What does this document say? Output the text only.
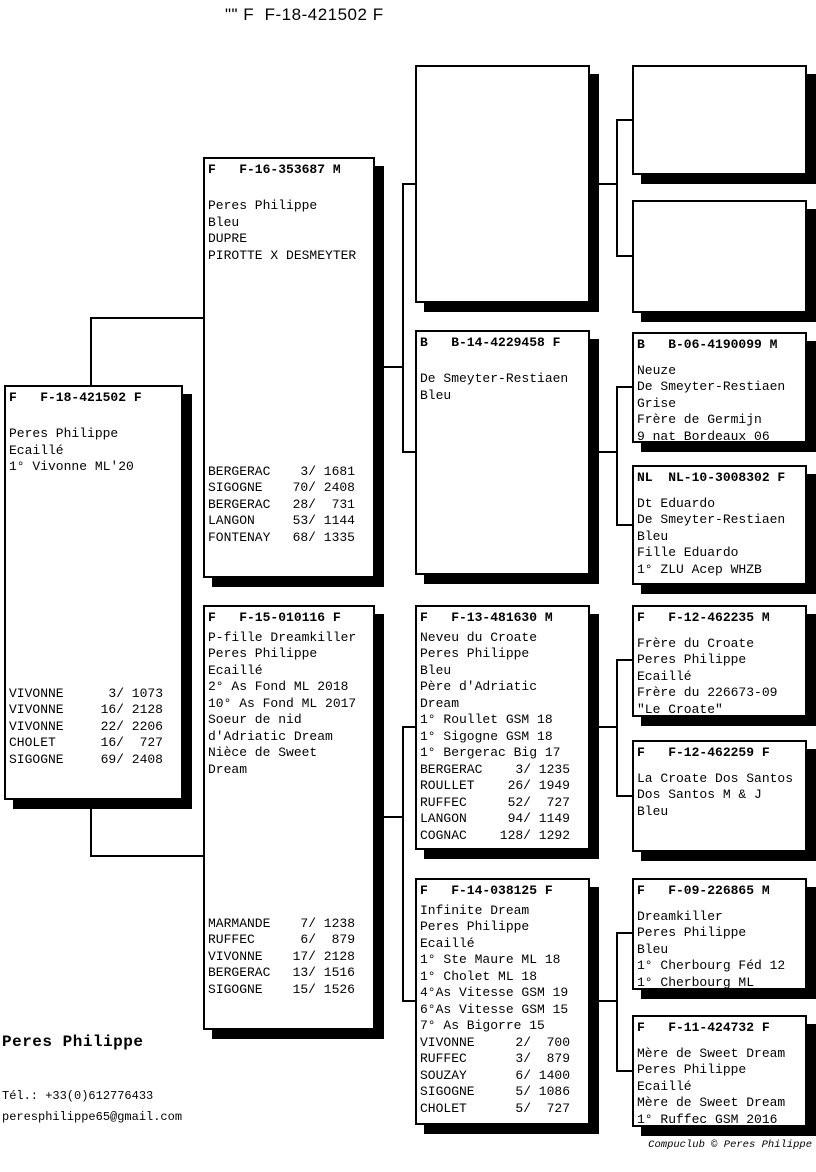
"" F  F-18-421502 F
F   F-18-421502 F
Peres Philippe
Ecaillé
1° Vivonne ML'20
VIVONNE	3/ 1073
VIVONNE	16/ 2128
VIVONNE	22/ 2206
CHOLET	16/  727
SIGOGNE	69/ 2408
F   F-16-353687 M
Peres Philippe
Bleu
DUPRE
PIROTTE X DESMEYTER
BERGERAC 3/ 1681
SIGOGNE 70/ 2408
BERGERAC 28/  731
LANGON	53/ 1144
FONTENAY 68/ 1335
F   F-15-010116 F
P-fille Dreamkiller
Peres Philippe
Ecaillé
2° As Fond ML 2018
10° As Fond ML 2017
Soeur de nid
d'Adriatic Dream
Nièce de Sweet
Dream
MARMANDE 7/ 1238
RUFFEC	6/  879
VIVONNE 17/ 2128
BERGERAC 13/ 1516
SIGOGNE 15/ 1526
B   B-14-4229458 F
De Smeyter-Restiaen
Bleu
F   F-13-481630 M
Neveu du Croate
Peres Philippe
Bleu
Père d'Adriatic
Dream
1° Roullet GSM 18
1° Sigogne GSM 18
1° Bergerac Big 17
BERGERAC	3/ 1235
ROULLET	26/ 1949
RUFFEC	52/  727
LANGON	94/ 1149
COGNAC	128/ 1292
F   F-14-038125 F
Infinite Dream
Peres Philippe
Ecaillé
1° Ste Maure ML 18
1° Cholet ML 18
4°As Vitesse GSM 19
6°As Vitesse GSM 15
7° As Bigorre 15
VIVONNE	2/  700
RUFFEC	3/  879
SOUZAY	6/ 1400
SIGOGNE	5/ 1086
CHOLET	5/  727
B   B-06-4190099 M
Neuze
De Smeyter-Restiaen
Grise
Frère de Germijn
9 nat Bordeaux 06
NL  NL-10-3008302 F
Dt Eduardo
De Smeyter-Restiaen
Bleu
Fille Eduardo
1° ZLU Acep WHZB
F   F-12-462235 M
Frère du Croate
Peres Philippe
Ecaillé
Frère du 226673-09
"Le Croate"
F   F-12-462259 F
La Croate Dos Santos
Dos Santos M & J
Bleu
F   F-09-226865 M
Dreamkiller
Peres Philippe
Bleu
1° Cherbourg Féd 12
1° Cherbourg ML
F   F-11-424732 F
Mère de Sweet Dream
Peres Philippe
Ecaillé
Mère de Sweet Dream
1° Ruffec GSM 2016
Peres Philippe
Tél.: +33(0)612776433
peresphilippe65@gmail.com
Compuclub © Peres Philippe
